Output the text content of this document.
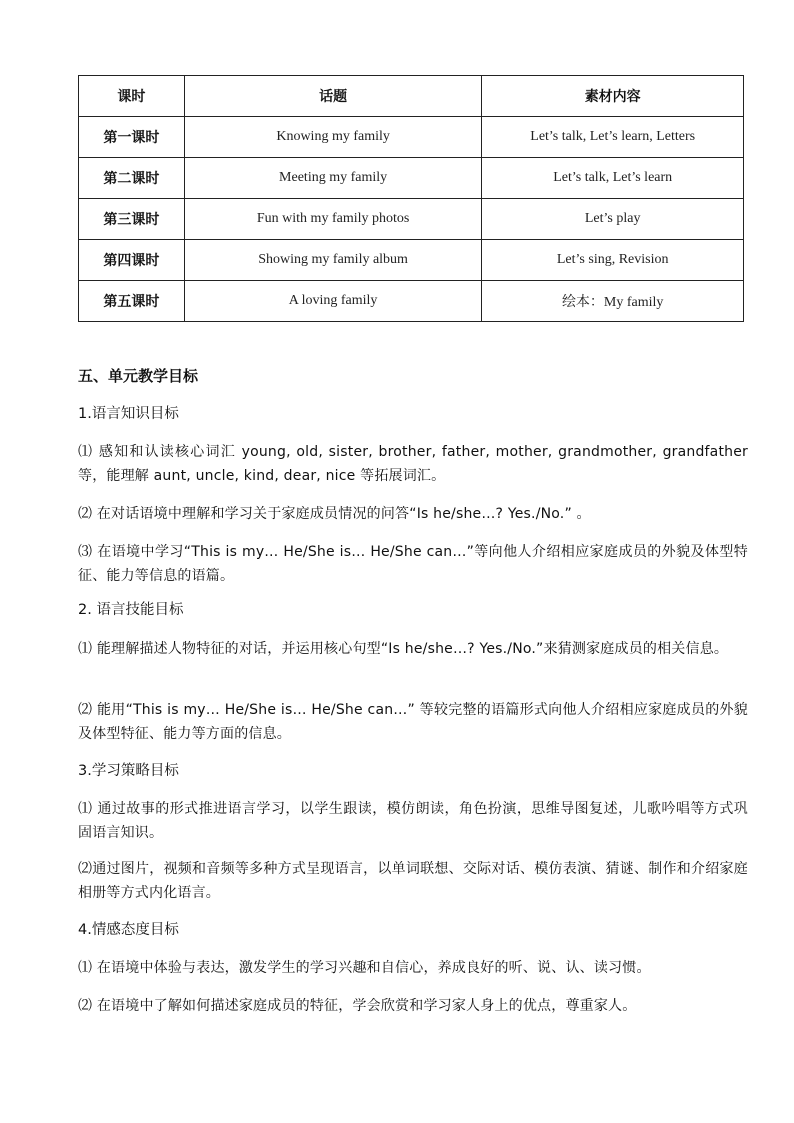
课时	话题	素材内容
第一课时	Knowing my family	Let’s talk, Let’s learn, Letters
第二课时	Meeting my family	Let’s talk, Let’s learn
第三课时	Fun with my family photos	Let’s play
第四课时	Showing my family album	Let’s sing, Revision
第五课时	A loving family	绘本：My family
五、单元教学目标
1.语言知识目标
⑴ 感知和认读核心词汇 young, old, sister, brother, father, mother, grandmother, grandfather 等，能理解 aunt, uncle, kind, dear, nice 等拓展词汇。
⑵ 在对话语境中理解和学习关于家庭成员情况的问答“Is he/she…? Yes./No.” 。
⑶ 在语境中学习“This is my… He/She is… He/She can…”等向他人介绍相应家庭成员的外貌及体型特征、能力等信息的语篇。
2. 语言技能目标
⑴ 能理解描述人物特征的对话，并运用核心句型“Is he/she…? Yes./No.”来猜测家庭成员的相关信息。
⑵ 能用“This is my… He/She is… He/She can…” 等较完整的语篇形式向他人介绍相应家庭成员的外貌及体型特征、能力等方面的信息。
3.学习策略目标
⑴ 通过故事的形式推进语言学习，以学生跟读，模仿朗读，角色扮演，思维导图复述，儿歌吟唱等方式巩固语言知识。
⑵通过图片，视频和音频等多种方式呈现语言，以单词联想、交际对话、模仿表演、猜谜、制作和介绍家庭相册等方式内化语言。
4.情感态度目标
⑴ 在语境中体验与表达，激发学生的学习兴趣和自信心，养成良好的听、说、认、读习惯。
⑵ 在语境中了解如何描述家庭成员的特征，学会欣赏和学习家人身上的优点，尊重家人。
